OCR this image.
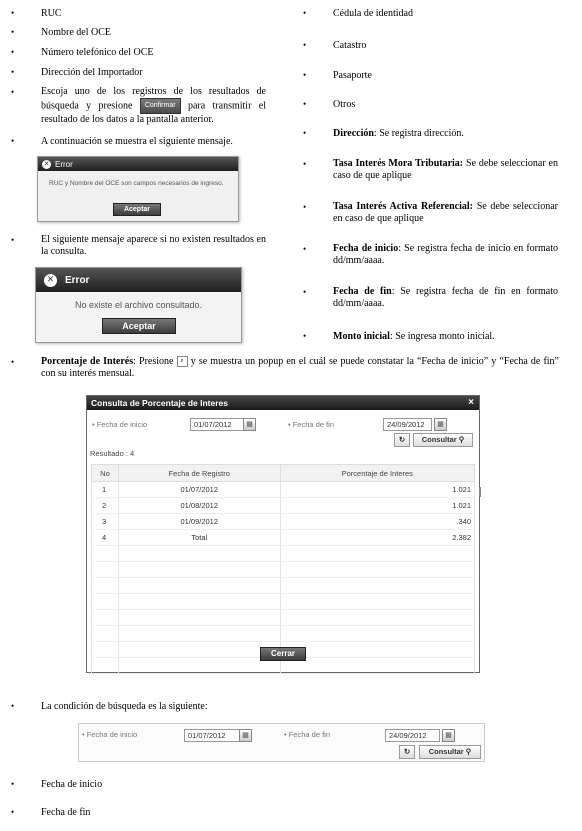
•	RUC
•	Nombre del OCE
•	Número telefónico del OCE
•	Dirección del Importador
•	Escoja uno de los registros de los resultados de búsqueda y presione Confirmar para transmitir el resultado de los datos a la pantalla anterior.
•	A continuación se muestra el siguiente mensaje.
✕ Error
RUC y Nombre del OCE son campos necesarios de ingreso.
Aceptar
•	El siguiente mensaje aparece si no existen resultados en la consulta.
✕ Error
No existe el archivo consultado.
Aceptar
•	Cédula de identidad
•	Catastro
•	Pasaporte
•	Otros
•	Dirección: Se registra dirección.
•	Tasa Interés Mora Tributaria: Se debe seleccionar en caso de que aplique
•	Tasa Interés Activa Referencial: Se debe seleccionar en caso de que aplique
•	Fecha de inicio: Se registra fecha de inicio en formato dd/mm/aaaa.
•	Fecha de fin: Se registra fecha de fin en formato dd/mm/aaaa.
•	Monto inicial: Se ingresa monto inicial.
•	Porcentaje de Interés: Presione ⌕ y se muestra un popup en el cuál se puede constatar la “Fecha de inicio” y “Fecha de fin” con su interés mensual.
Consulta de Porcentaje de Interes	×
• Fecha de inicio	01/07/2012	▦	• Fecha de fin	24/09/2012	▦
↻	Consultar ⚲
Resultado : 4
No	Fecha de Registro	Porcentaje de Interes
1	01/07/2012	1.021
2	01/08/2012	1.021
3	01/09/2012	.340
4	Total	2.382

Cerrar
•	La condición de búsqueda es la siguiente:
• Fecha de inicio	01/07/2012	▦	• Fecha de fin	24/09/2012	▦
↻	Consultar ⚲
•	Fecha de inicio
•	Fecha de fin
